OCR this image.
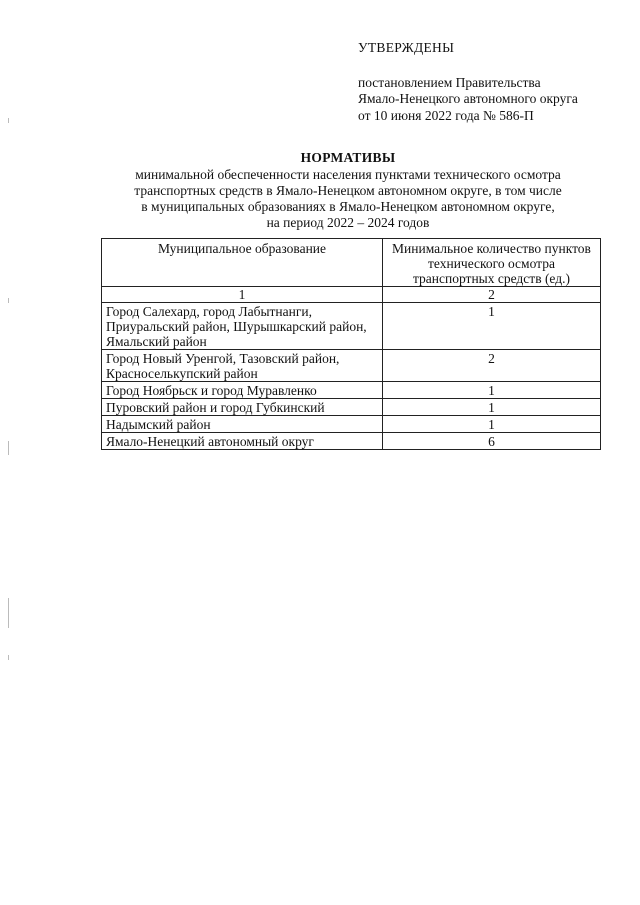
УТВЕРЖДЕНЫ
постановлением Правительства
Ямало-Ненецкого автономного округа
от 10 июня 2022 года № 586-П
НОРМАТИВЫ
минимальной обеспеченности населения пунктами технического осмотра
транспортных средств в Ямало-Ненецком автономном округе, в том числе
в муниципальных образованиях в Ямало-Ненецком автономном округе,
на период 2022 – 2024 годов
Муниципальное образование	Минимальное количество пунктов технического осмотра транспортных средств (ед.)
1	2
Город Салехард, город Лабытнанги, Приуральский район, Шурышкарский район, Ямальский район	1
Город Новый Уренгой, Тазовский район, Красноселькупский район	2
Город Ноябрьск и город Муравленко	1
Пуровский район и город Губкинский	1
Надымский район	1
Ямало-Ненецкий автономный округ	6
